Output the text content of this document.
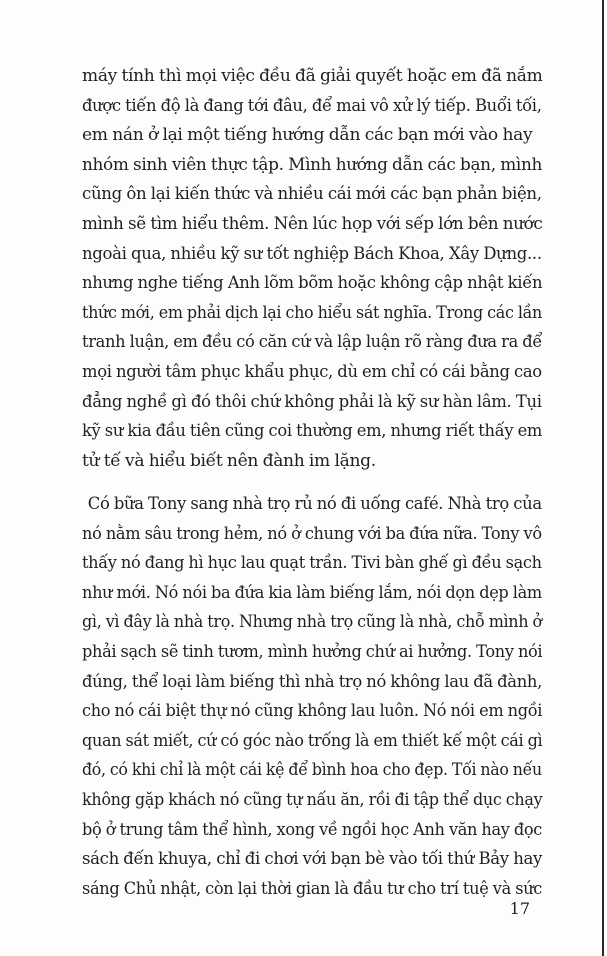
máy tính thì mọi việc đều đã giải quyết hoặc em đã nắm
được tiến độ là đang tới đâu, để mai vô xử lý tiếp. Buổi tối,
em nán ở lại một tiếng hướng dẫn các bạn mới vào hay
nhóm sinh viên thực tập. Mình hướng dẫn các bạn, mình
cũng ôn lại kiến thức và nhiều cái mới các bạn phản biện,
mình sẽ tìm hiểu thêm. Nên lúc họp với sếp lớn bên nước
ngoài qua, nhiều kỹ sư tốt nghiệp Bách Khoa, Xây Dựng...
nhưng nghe tiếng Anh lõm bõm hoặc không cập nhật kiến
thức mới, em phải dịch lại cho hiểu sát nghĩa. Trong các lần
tranh luận, em đều có căn cứ và lập luận rõ ràng đưa ra để
mọi người tâm phục khẩu phục, dù em chỉ có cái bằng cao
đẳng nghề gì đó thôi chứ không phải là kỹ sư hàn lâm. Tụi
kỹ sư kia đầu tiên cũng coi thường em, nhưng riết thấy em
tử tế và hiểu biết nên đành im lặng.
Có bữa Tony sang nhà trọ rủ nó đi uống café. Nhà trọ của
nó nằm sâu trong hẻm, nó ở chung với ba đứa nữa. Tony vô
thấy nó đang hì hục lau quạt trần. Tivi bàn ghế gì đều sạch
như mới. Nó nói ba đứa kia làm biếng lắm, nói dọn dẹp làm
gì, vì đây là nhà trọ. Nhưng nhà trọ cũng là nhà, chỗ mình ở
phải sạch sẽ tinh tươm, mình hưởng chứ ai hưởng. Tony nói
đúng, thể loại làm biếng thì nhà trọ nó không lau đã đành,
cho nó cái biệt thự nó cũng không lau luôn. Nó nói em ngồi
quan sát miết, cứ có góc nào trống là em thiết kế một cái gì
đó, có khi chỉ là một cái kệ để bình hoa cho đẹp. Tối nào nếu
không gặp khách nó cũng tự nấu ăn, rồi đi tập thể dục chạy
bộ ở trung tâm thể hình, xong về ngồi học Anh văn hay đọc
sách đến khuya, chỉ đi chơi với bạn bè vào tối thứ Bảy hay
sáng Chủ nhật, còn lại thời gian là đầu tư cho trí tuệ và sức
17
